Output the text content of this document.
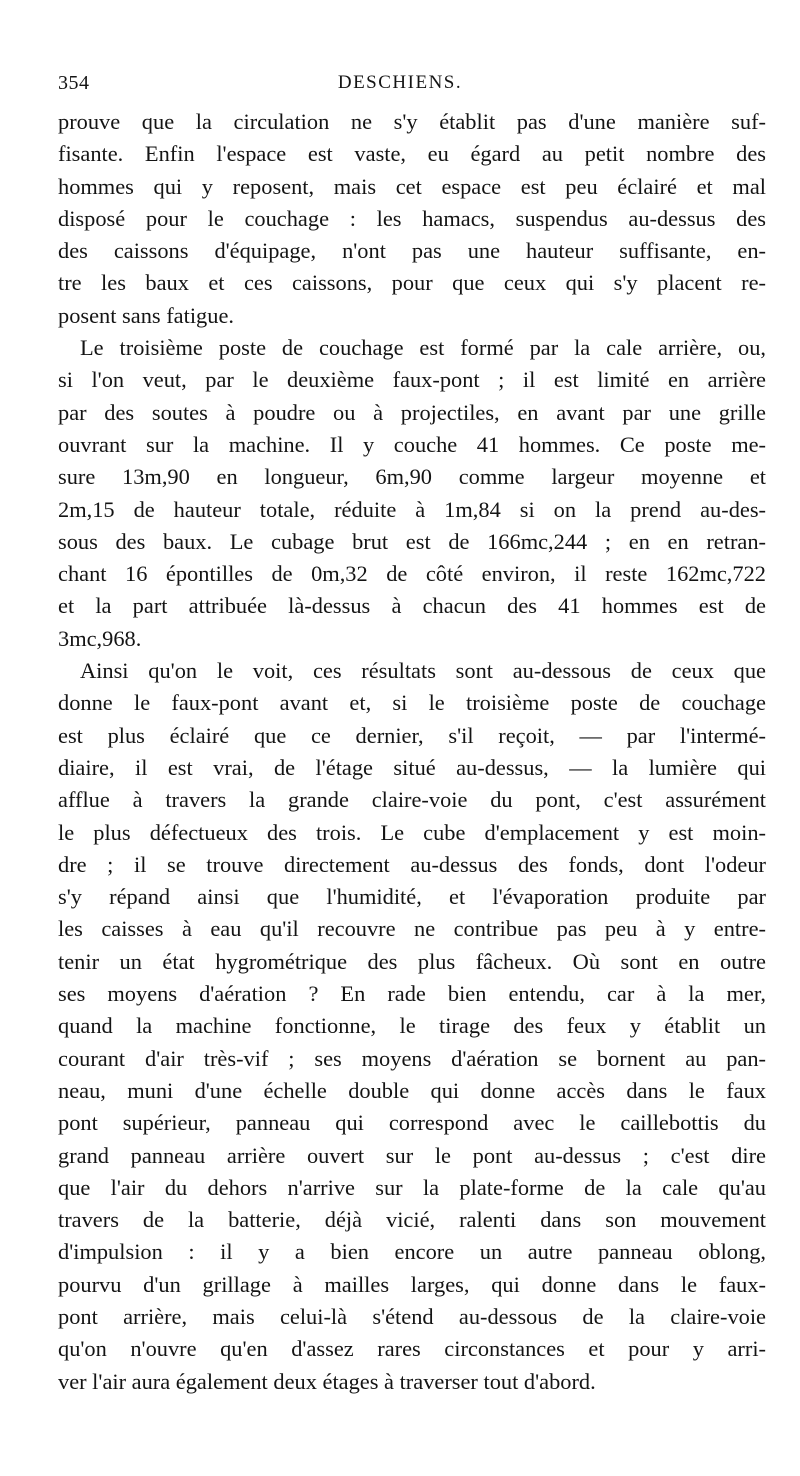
354	DESCHIENS.
prouve que la circulation ne s'y établit pas d'une manière suf-
fisante. Enfin l'espace est vaste, eu égard au petit nombre des
hommes qui y reposent, mais cet espace est peu éclairé et mal
disposé pour le couchage : les hamacs, suspendus au-dessus des
des caissons d'équipage, n'ont pas une hauteur suffisante, en-
tre les baux et ces caissons, pour que ceux qui s'y placent re-
posent sans fatigue.
Le troisième poste de couchage est formé par la cale arrière, ou,
si l'on veut, par le deuxième faux-pont ; il est limité en arrière
par des soutes à poudre ou à projectiles, en avant par une grille
ouvrant sur la machine. Il y couche 41 hommes. Ce poste me-
sure 13m,90 en longueur, 6m,90 comme largeur moyenne et
2m,15 de hauteur totale, réduite à 1m,84 si on la prend au-des-
sous des baux. Le cubage brut est de 166mc,244 ; en en retran-
chant 16 épontilles de 0m,32 de côté environ, il reste 162mc,722
et la part attribuée là-dessus à chacun des 41 hommes est de
3mc,968.
Ainsi qu'on le voit, ces résultats sont au-dessous de ceux que
donne le faux-pont avant et, si le troisième poste de couchage
est plus éclairé que ce dernier, s'il reçoit, — par l'intermé-
diaire, il est vrai, de l'étage situé au-dessus, — la lumière qui
afflue à travers la grande claire-voie du pont, c'est assurément
le plus défectueux des trois. Le cube d'emplacement y est moin-
dre ; il se trouve directement au-dessus des fonds, dont l'odeur
s'y répand ainsi que l'humidité, et l'évaporation produite par
les caisses à eau qu'il recouvre ne contribue pas peu à y entre-
tenir un état hygrométrique des plus fâcheux. Où sont en outre
ses moyens d'aération ? En rade bien entendu, car à la mer,
quand la machine fonctionne, le tirage des feux y établit un
courant d'air très-vif ; ses moyens d'aération se bornent au pan-
neau, muni d'une échelle double qui donne accès dans le faux
pont supérieur, panneau qui correspond avec le caillebottis du
grand panneau arrière ouvert sur le pont au-dessus ; c'est dire
que l'air du dehors n'arrive sur la plate-forme de la cale qu'au
travers de la batterie, déjà vicié, ralenti dans son mouvement
d'impulsion : il y a bien encore un autre panneau oblong,
pourvu d'un grillage à mailles larges, qui donne dans le faux-
pont arrière, mais celui-là s'étend au-dessous de la claire-voie
qu'on n'ouvre qu'en d'assez rares circonstances et pour y arri-
ver l'air aura également deux étages à traverser tout d'abord.
